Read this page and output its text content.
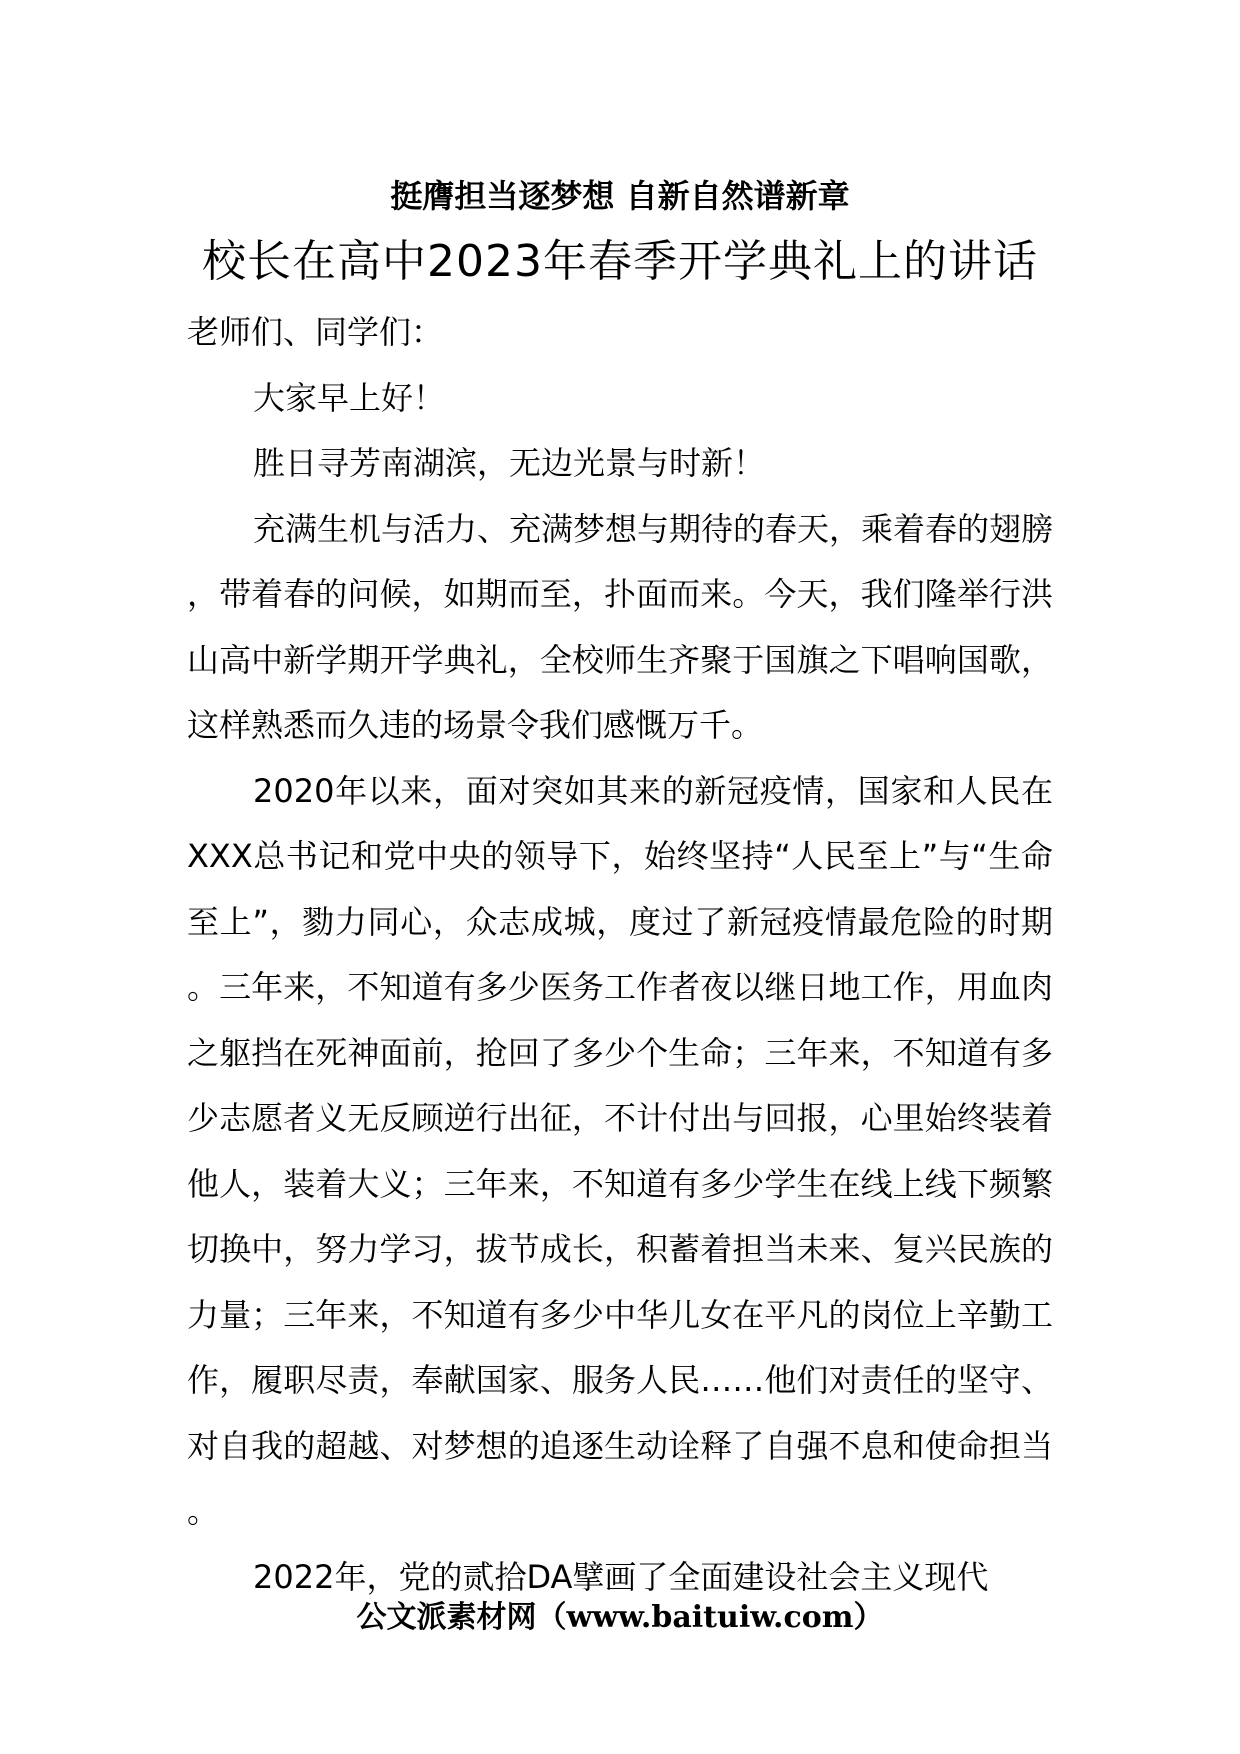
挺膺担当逐梦想 自新自然谱新章
校长在高中2023年春季开学典礼上的讲话

老师们、同学们：

大家早上好！

胜日寻芳南湖滨，无边光景与时新！

充满生机与活力、充满梦想与期待的春天，乘着春的翅膀，带着春的问候，如期而至，扑面而来。今天，我们隆举行洪山高中新学期开学典礼，全校师生齐聚于国旗之下唱响国歌，这样熟悉而久违的场景令我们感慨万千。

2020年以来，面对突如其来的新冠疫情，国家和人民在XXX总书记和党中央的领导下，始终坚持“人民至上”与“生命至上”，勠力同心，众志成城，度过了新冠疫情最危险的时期。三年来，不知道有多少医务工作者夜以继日地工作，用血肉之躯挡在死神面前，抢回了多少个生命；三年来，不知道有多少志愿者义无反顾逆行出征，不计付出与回报，心里始终装着他人，装着大义；三年来，不知道有多少学生在线上线下频繁切换中，努力学习，拔节成长，积蓄着担当未来、复兴民族的力量；三年来，不知道有多少中华儿女在平凡的岗位上辛勤工作，履职尽责，奉献国家、服务人民……他们对责任的坚守、对自我的超越、对梦想的追逐生动诠释了自强不息和使命担当。

2022年，党的贰拾DA擘画了全面建设社会主义现代

公文派素材网（www.baituiw.com）
